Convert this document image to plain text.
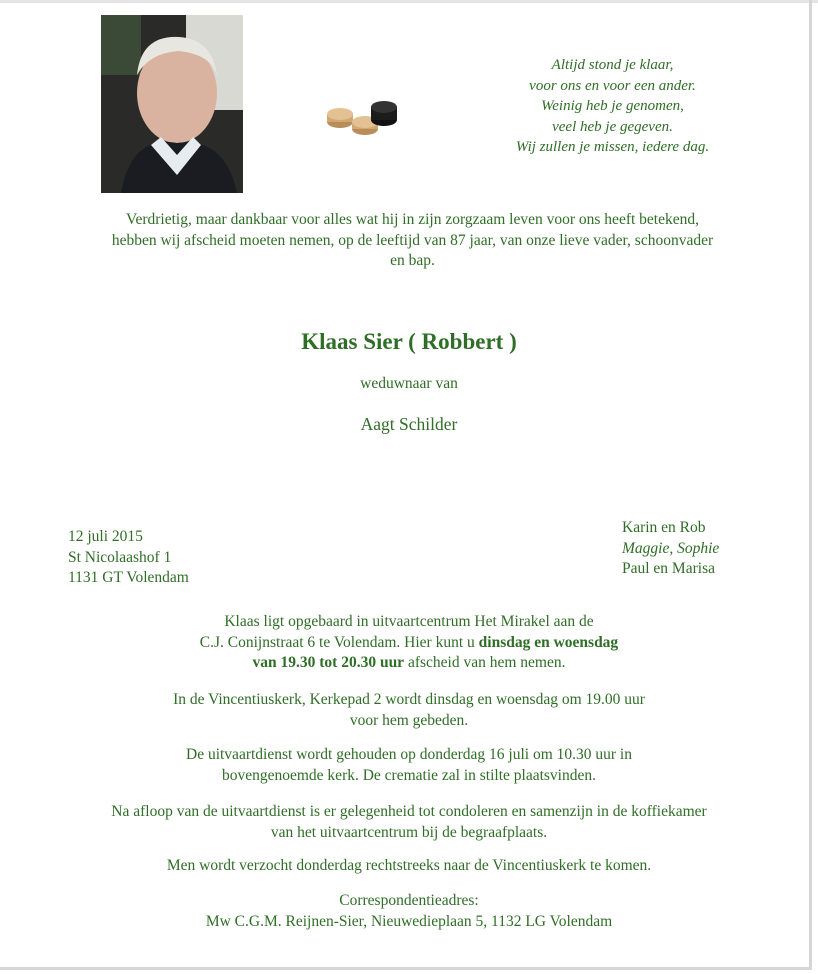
Altijd stond je klaar,
voor ons en voor een ander.
Weinig heb je genomen,
veel heb je gegeven.
Wij zullen je missen, iedere dag.
Verdrietig, maar dankbaar voor alles wat hij in zijn zorgzaam leven voor ons heeft betekend,
hebben wij afscheid moeten nemen, op de leeftijd van 87 jaar, van onze lieve vader, schoonvader
en bap.
Klaas Sier ( Robbert )
weduwnaar van
Aagt Schilder
12 juli 2015
St Nicolaashof 1
1131 GT Volendam
Karin en Rob
Maggie, Sophie
Paul en Marisa
Klaas ligt opgebaard in uitvaartcentrum Het Mirakel aan de
C.J. Conijnstraat 6 te Volendam. Hier kunt u dinsdag en woensdag
van 19.30 tot 20.30 uur afscheid van hem nemen.
In de Vincentiuskerk, Kerkepad 2 wordt dinsdag en woensdag om 19.00 uur
voor hem gebeden.
De uitvaartdienst wordt gehouden op donderdag 16 juli om 10.30 uur in
bovengenoemde kerk. De crematie zal in stilte plaatsvinden.
Na afloop van de uitvaartdienst is er gelegenheid tot condoleren en samenzijn in de koffiekamer
van het uitvaartcentrum bij de begraafplaats.
Men wordt verzocht donderdag rechtstreeks naar de Vincentiuskerk te komen.
Correspondentieadres:
Mw C.G.M. Reijnen-Sier, Nieuwedieplaan 5, 1132 LG Volendam
